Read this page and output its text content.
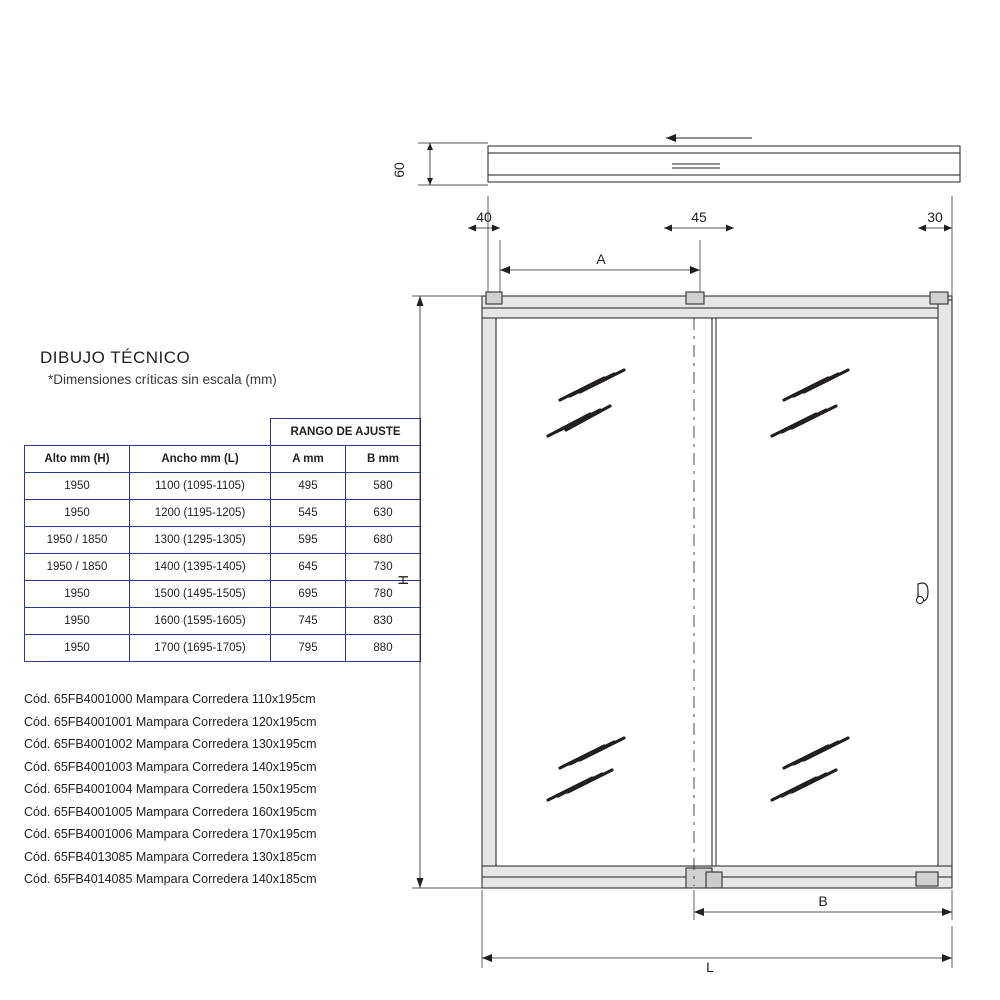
DIBUJO TÉCNICO
*Dimensiones críticas sin escala (mm)
		RANGO DE AJUSTE	
Alto mm (H)	Ancho mm (L)	A mm	B mm
1950	1100 (1095-1105)	495	580
1950	1200 (1195-1205)	545	630
1950 / 1850	1300 (1295-1305)	595	680
1950 / 1850	1400 (1395-1405)	645	730
1950	1500 (1495-1505)	695	780
1950	1600 (1595-1605)	745	830
1950	1700 (1695-1705)	795	880
Cód. 65FB4001000 Mampara Corredera 110x195cm
Cód. 65FB4001001 Mampara Corredera 120x195cm
Cód. 65FB4001002 Mampara Corredera 130x195cm
Cód. 65FB4001003 Mampara Corredera 140x195cm
Cód. 65FB4001004 Mampara Corredera 150x195cm
Cód. 65FB4001005 Mampara Corredera 160x195cm
Cód. 65FB4001006 Mampara Corredera 170x195cm
Cód. 65FB4013085 Mampara Corredera 130x185cm
Cód. 65FB4014085 Mampara Corredera 140x185cm
60
40	45	30
A
B
H
L
